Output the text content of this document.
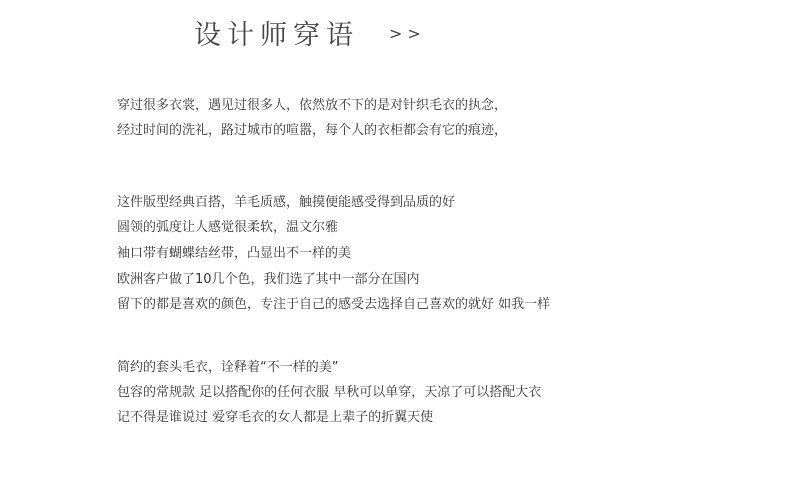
设计师穿语 >>
穿过很多衣裳，遇见过很多人，依然放不下的是对针织毛衣的执念，
经过时间的洗礼，路过城市的喧嚣，每个人的衣柜都会有它的痕迹，
这件版型经典百搭，羊毛质感，触摸便能感受得到品质的好
圆领的弧度让人感觉很柔软，温文尔雅
袖口带有蝴蝶结丝带，凸显出不一样的美
欧洲客户做了10几个色，我们选了其中一部分在国内
留下的都是喜欢的颜色，专注于自己的感受去选择自己喜欢的就好 如我一样
简约的套头毛衣，诠释着“不一样的美”
包容的常规款 足以搭配你的任何衣服 早秋可以单穿，天凉了可以搭配大衣
记不得是谁说过 爱穿毛衣的女人都是上辈子的折翼天使
